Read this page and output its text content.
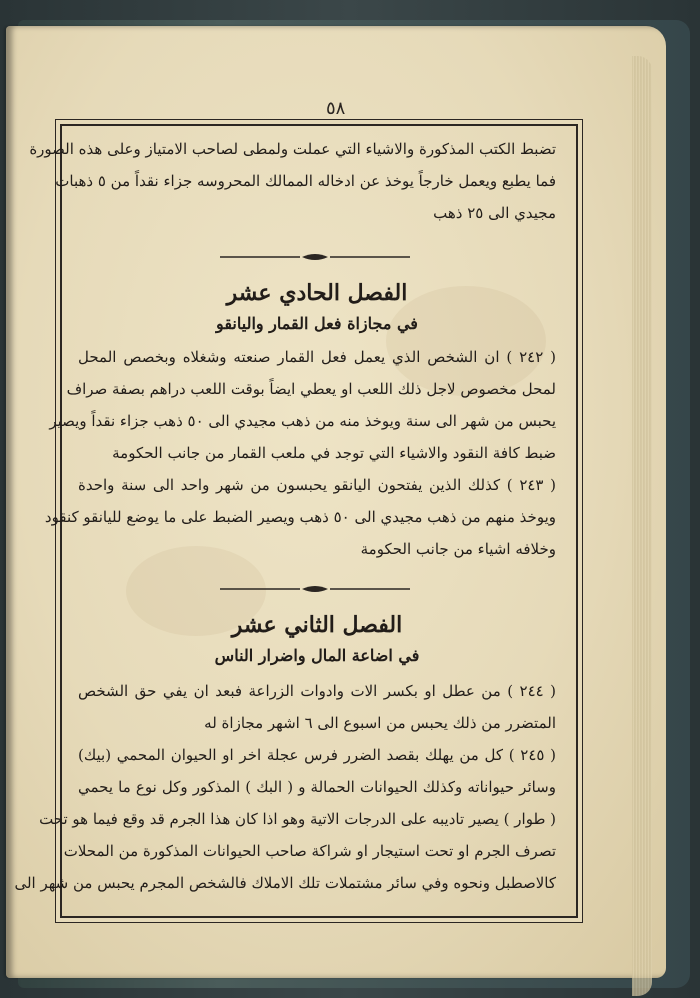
٥٨
تضبط الكتب المذكورة والاشياء التي عملت ولمطى لصاحب الامتياز وعلى هذه الصورة
فما يطبع ويعمل خارجاً يوخذ عن ادخاله الممالك المحروسه جزاء نقداً من ٥ ذهبات
مجيدي الى ٢٥ ذهب
الفصل الحادي عشر
في مجازاة فعل القمار واليانقو
( ٢٤٢ ) ان الشخص الذي يعمل فعل القمار صنعته وشغلاه وبخصص المحل
لمحل مخصوص لاجل ذلك اللعب او يعطي ايضاً بوقت اللعب دراهم بصفة صراف
يحبس من شهر الى سنة ويوخذ منه من ذهب مجيدي الى ٥٠ ذهب جزاء نقداً ويصير
ضبط كافة النقود والاشياء التي توجد في ملعب القمار من جانب الحكومة
( ٢٤٣ ) كذلك الذين يفتحون اليانقو يحبسون من شهر واحد الى سنة واحدة
ويوخذ منهم من ذهب مجيدي الى ٥٠ ذهب ويصير الضبط على ما يوضع لليانقو كنقود
وخلافه اشياء من جانب الحكومة
الفصل الثاني عشر
في اضاعة المال واضرار الناس
( ٢٤٤ ) من عطل او بكسر الات وادوات الزراعة فبعد ان يفي حق الشخص
المتضرر من ذلك يحبس من اسبوع الى ٦ اشهر مجازاة له
( ٢٤٥ ) كل من يهلك بقصد الضرر فرس عجلة اخر او الحيوان المحمي (بيك)
وسائر حيواناته وكذلك الحيوانات الحمالة و ( البك ) المذكور وكل نوع ما يحمي
( طوار ) يصير تاديبه على الدرجات الاتية وهو اذا كان هذا الجرم قد وقع فيما هو تحت
تصرف الجرم او تحت استيجار او شراكة صاحب الحيوانات المذكورة من المحلات
كالاصطبل ونحوه وفي سائر مشتملات تلك الاملاك فالشخص المجرم يحبس من شهر الى
